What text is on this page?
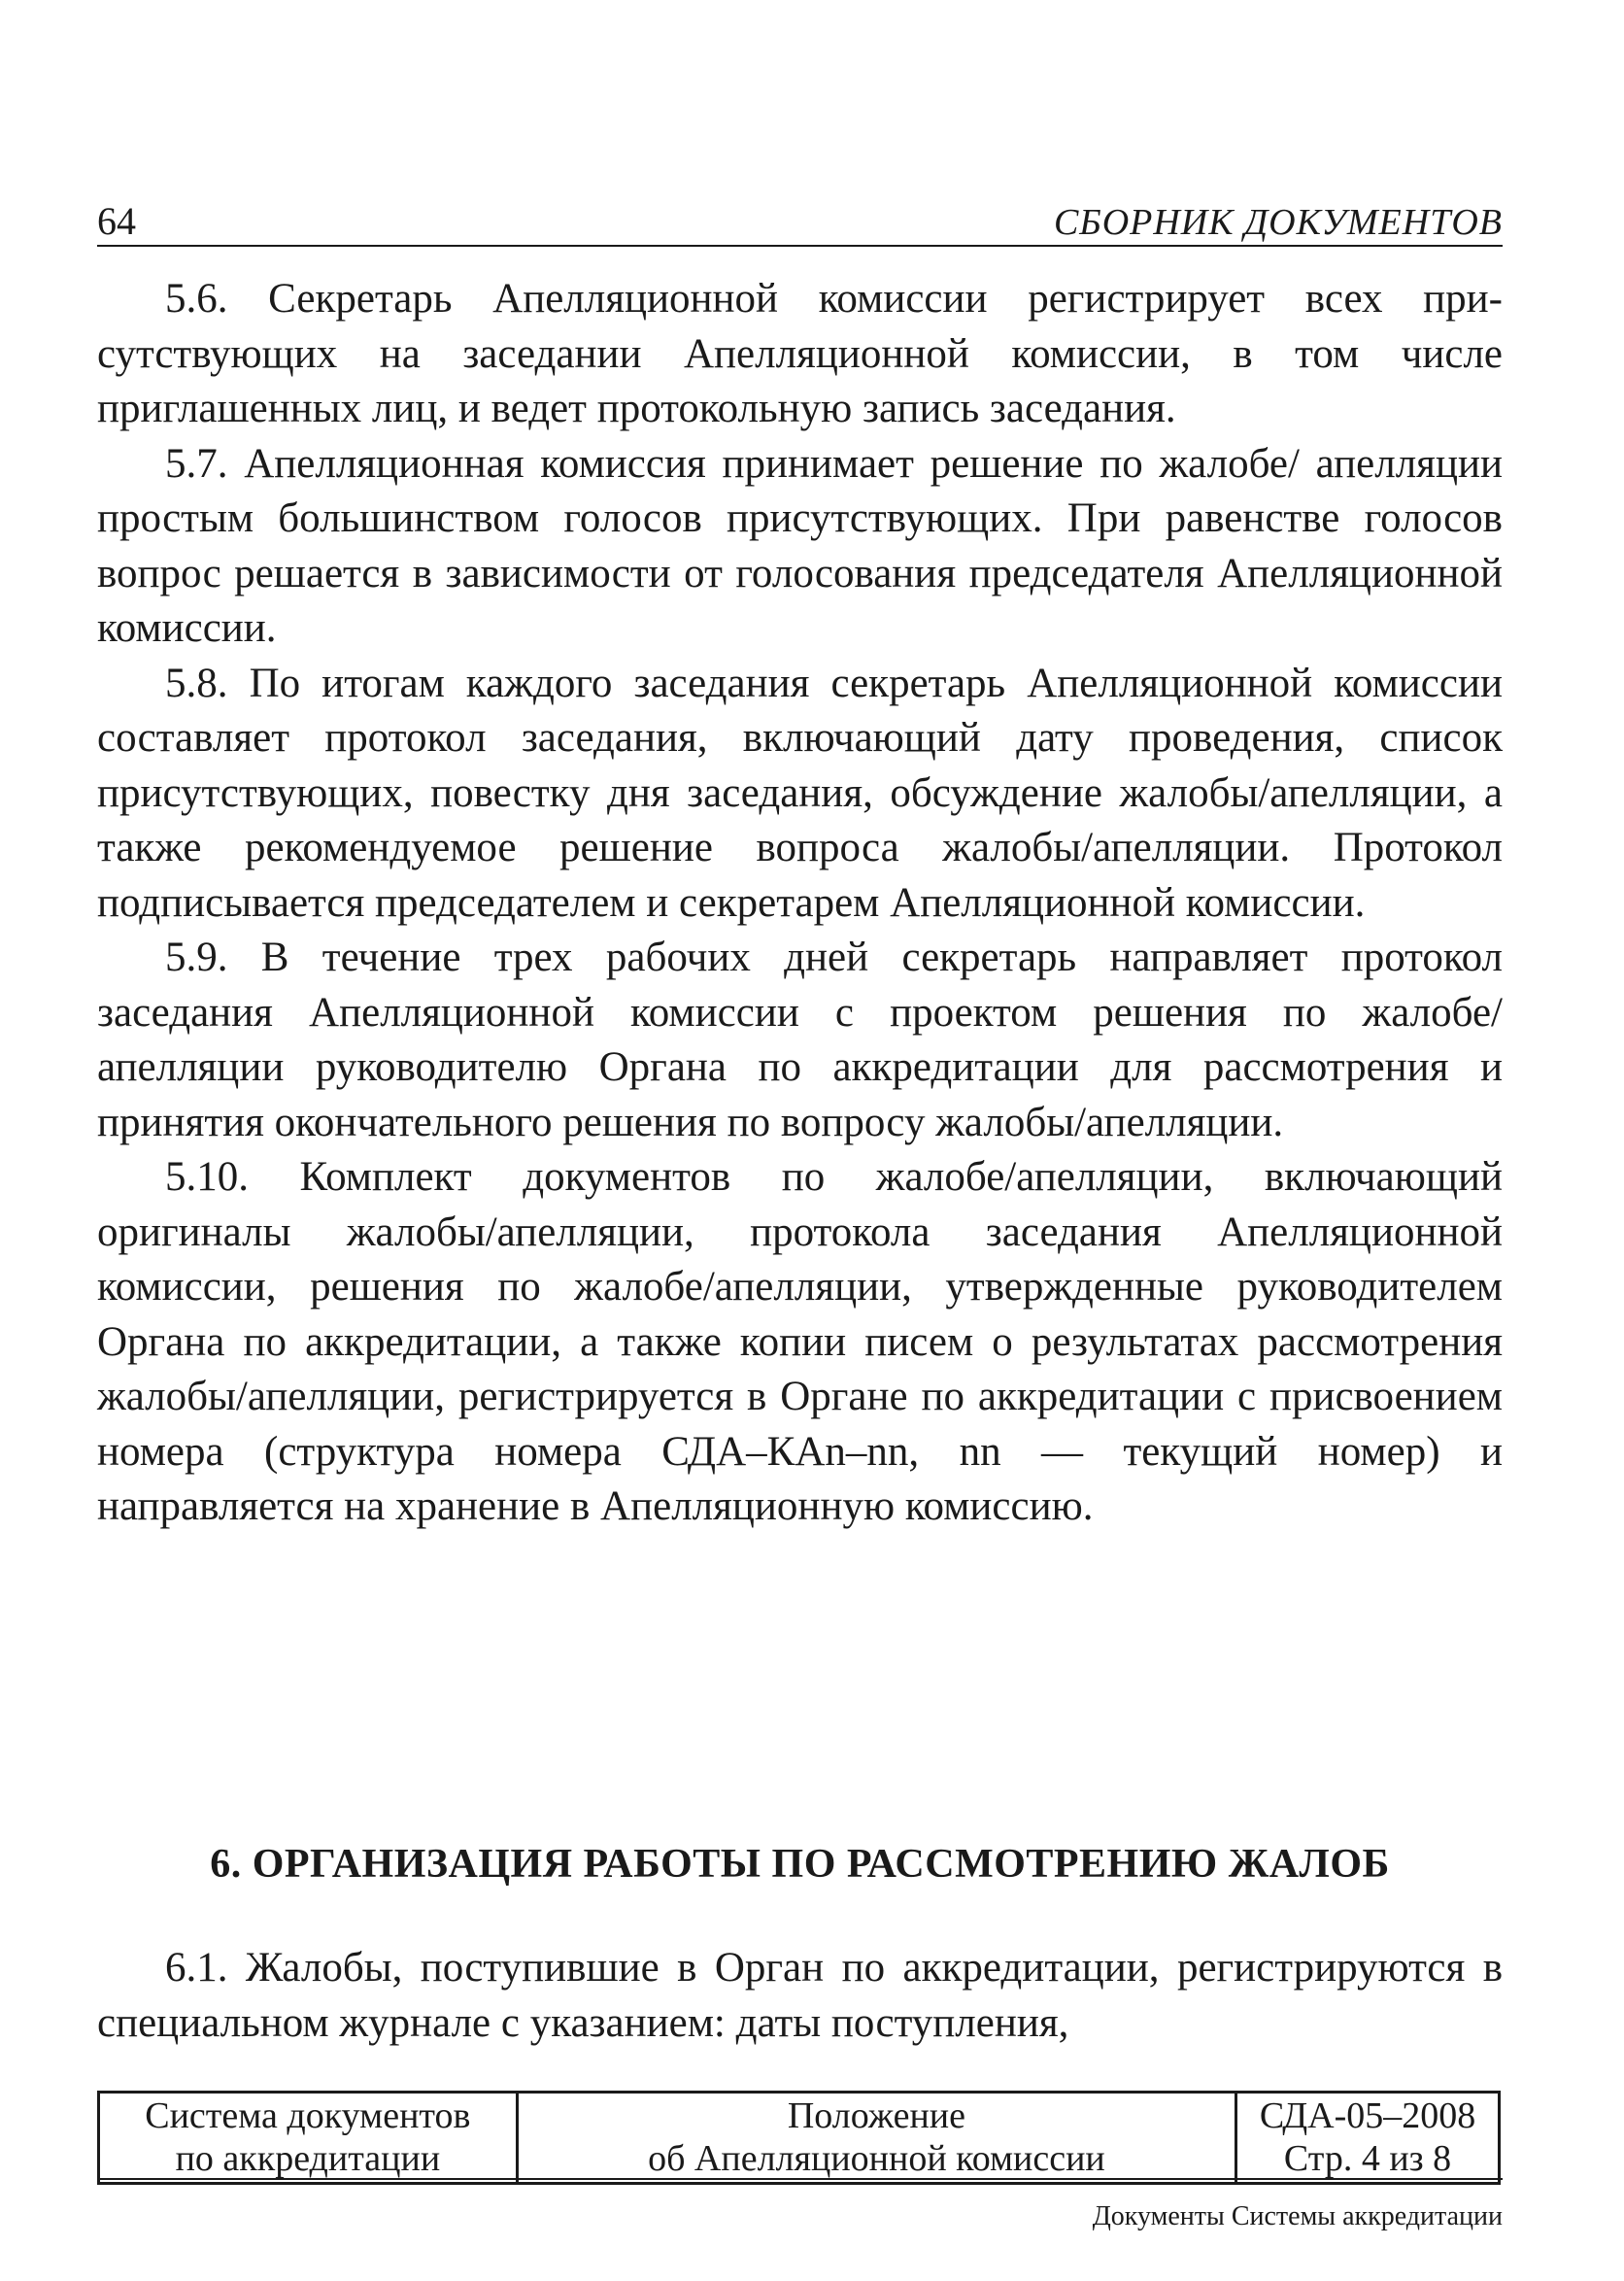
64	СБОРНИК ДОКУМЕНТОВ

5.6. Секретарь Апелляционной комиссии регистрирует всех присутствующих на заседании Апелляционной комиссии, в том числе приглашенных лиц, и ведет протокольную запись заседания.

5.7. Апелляционная комиссия принимает решение по жалобе/ апелляции простым большинством голосов присутствующих. При равенстве голосов вопрос решается в зависимости от голосования председателя Апелляционной комиссии.

5.8. По итогам каждого заседания секретарь Апелляционной комиссии составляет протокол заседания, включающий дату проведения, список присутствующих, повестку дня заседания, обсуждение жалобы/апелляции, а также рекомендуемое решение вопроса жалобы/апелляции. Протокол подписывается председателем и секретарем Апелляционной комиссии.

5.9. В течение трех рабочих дней секретарь направляет протокол заседания Апелляционной комиссии с проектом решения по жалобе/апелляции руководителю Органа по аккредитации для рассмотрения и принятия окончательного решения по вопросу жалобы/апелляции.

5.10. Комплект документов по жалобе/апелляции, включающий оригиналы жалобы/апелляции, протокола заседания Апелляционной комиссии, решения по жалобе/апелляции, утвержденные руководителем Органа по аккредитации, а также копии писем о результатах рассмотрения жалобы/апелляции, регистрируется в Органе по аккредитации с присвоением номера (структура номера СДА–КАn–nn, nn — текущий номер) и направляется на хранение в Апелляционную комиссию.

6. ОРГАНИЗАЦИЯ РАБОТЫ ПО РАССМОТРЕНИЮ ЖАЛОБ

6.1. Жалобы, поступившие в Орган по аккредитации, регистрируются в специальном журнале с указанием: даты поступления,

Система документов
по аккредитации

Положение
об Апелляционной комиссии

СДА-05–2008
Стр. 4 из 8
Документы Системы аккредитации
